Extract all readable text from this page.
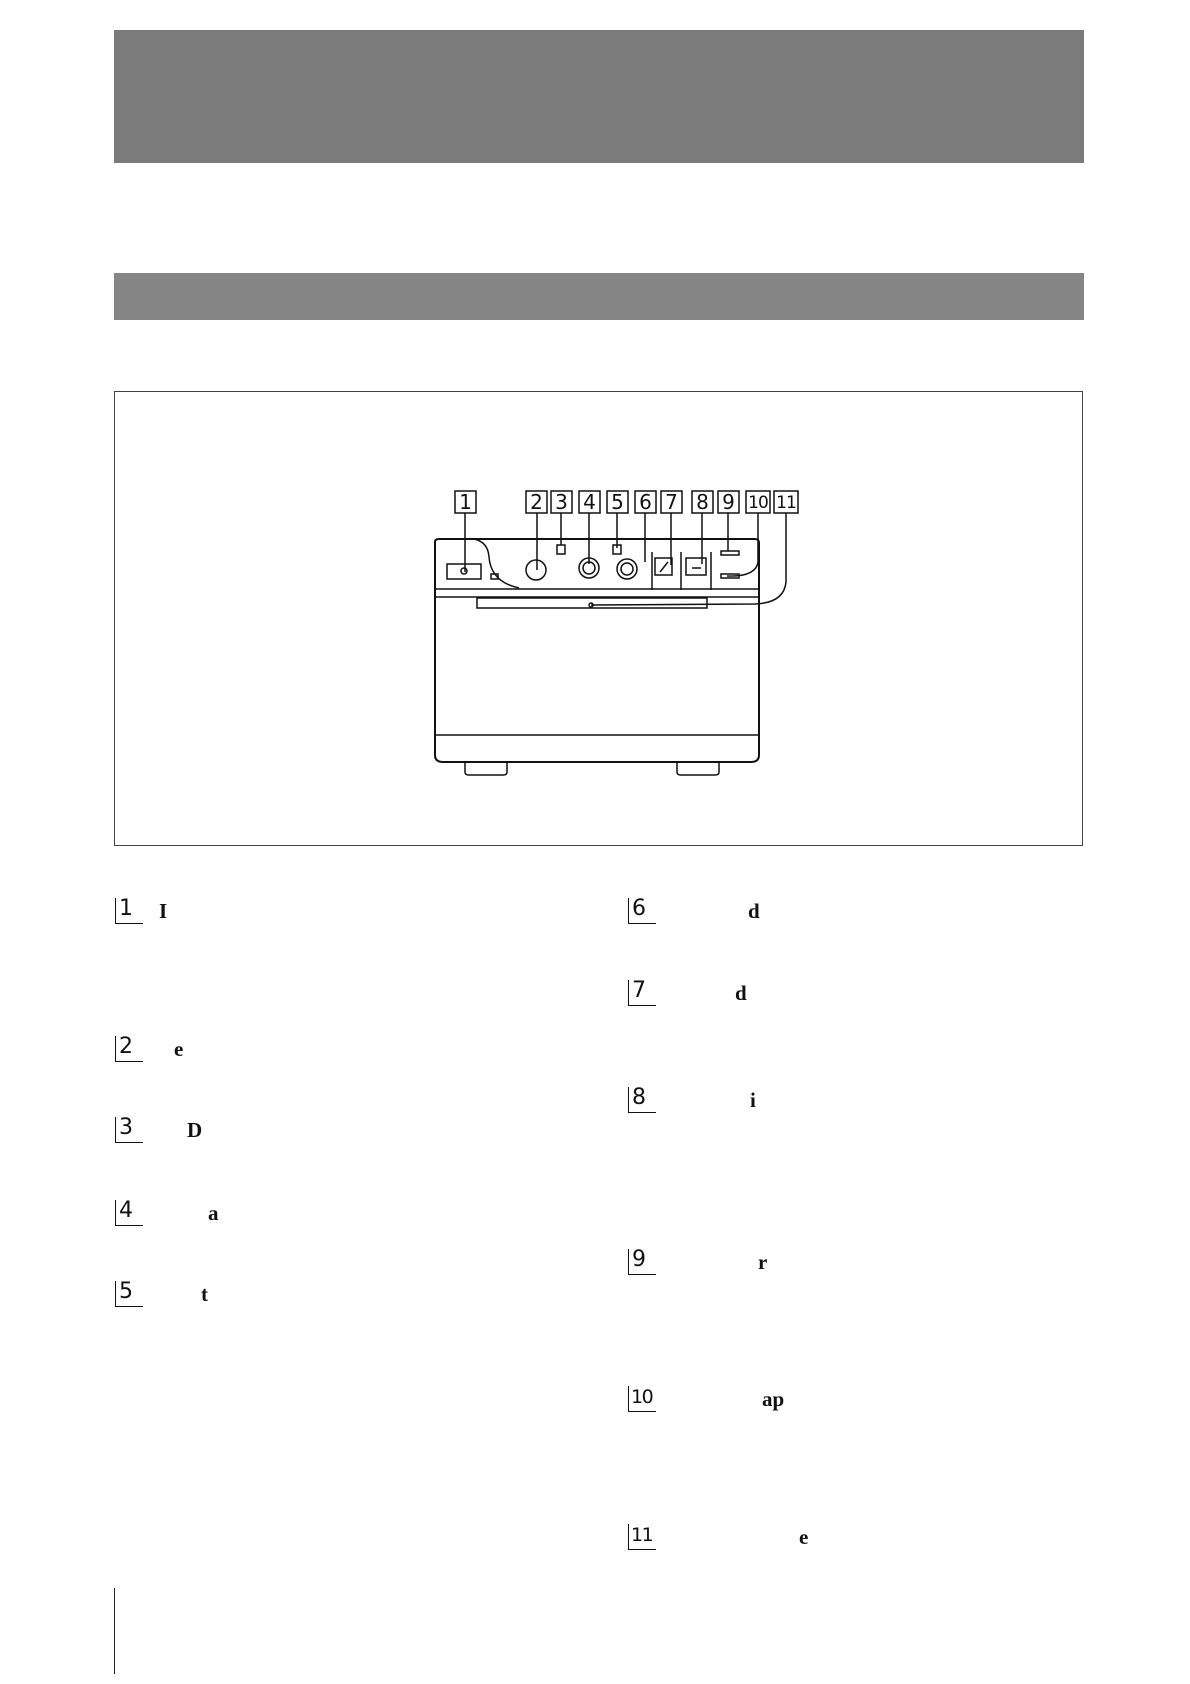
1	2 3 4 5 6 7 8 9 10 11
1	I
2	e
3	D
4	a
5	t
6	d
7	d
8	i
9	r
10	ap
11	e
